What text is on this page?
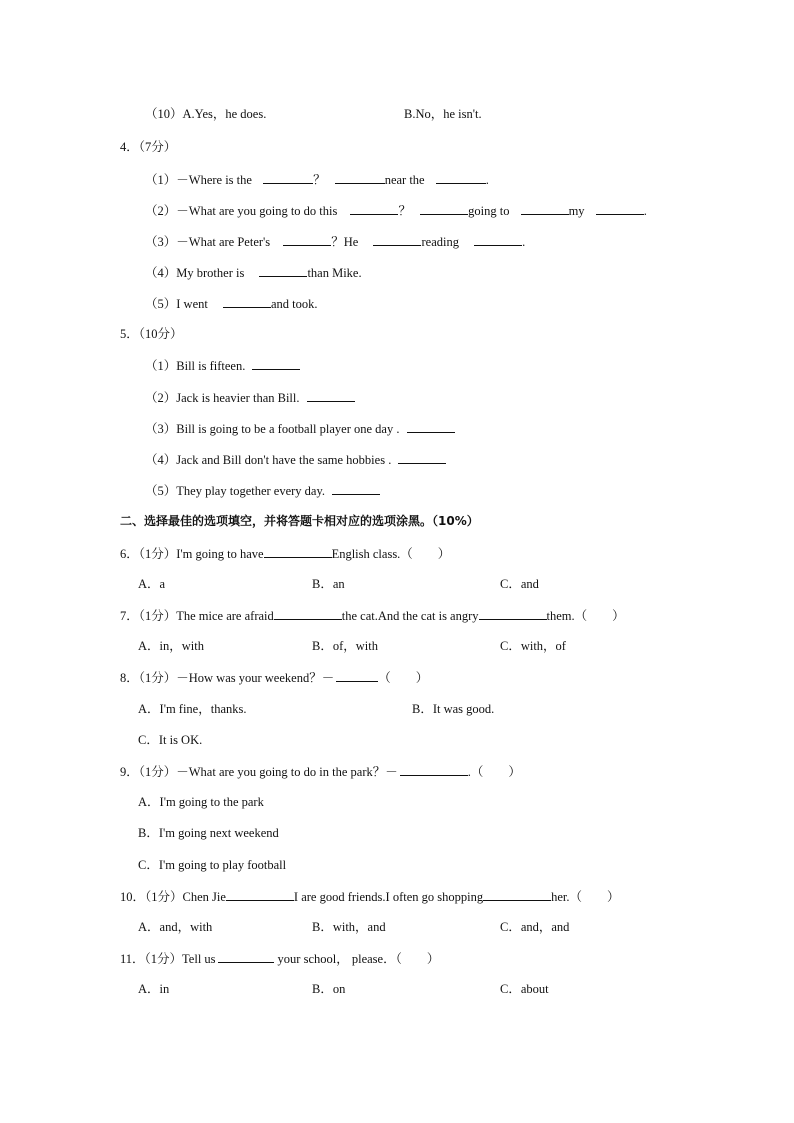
（10）A.Yes，he does.	B.No，he isn't.
4．（7分）
（1）－Where is the	？	near the	.
（2）－What are you going to do this	？	going to	my	.
（3）－What are Peter's	？He	reading	.
（4）My brother is	than Mike.
（5）I went	and took.
5．（10分）
（1）Bill is fifteen.
（2）Jack is heavier than Bill.
（3）Bill is going to be a football player one day .
（4）Jack and Bill don't have the same hobbies .
（5）They play together every day.
二、选择最佳的选项填空，并将答题卡相对应的选项涂黑。（10%）
6．（1分）I'm going to have	English class.（　　）
A．a	B．an	C．and
7．（1分）The mice are afraid	the cat.And the cat is angry	them.（　　）
A．in，with	B．of，with	C．with，of
8．（1分）－How was your weekend？－	（　　）
A．I'm fine，thanks.	B．It was good.
C．It is OK.
9．（1分）－What are you going to do in the park？－	.（　　）
A．I'm going to the park
B．I'm going next weekend
C．I'm going to play football
10．（1分）Chen Jie	I are good friends.I often go shopping	her.（　　）
A．and，with	B．with，and	C．and，and
11．（1分）Tell us	your school， please．（　　）
A．in	B．on	C．about
